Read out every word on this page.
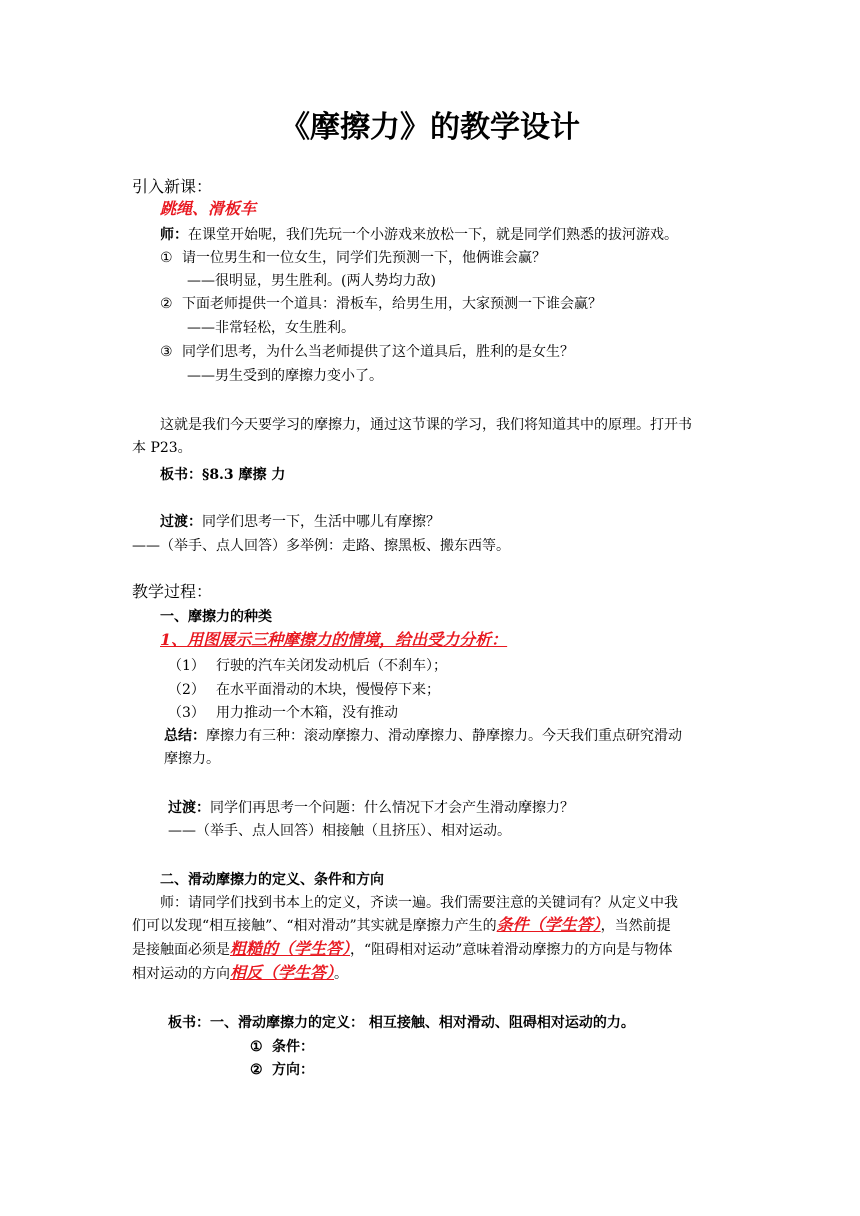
《摩擦力》的教学设计
引入新课：
跳绳、滑板车
师：在课堂开始呢，我们先玩一个小游戏来放松一下，就是同学们熟悉的拔河游戏。
① 请一位男生和一位女生，同学们先预测一下，他俩谁会赢？
——很明显，男生胜利。(两人势均力敌)
② 下面老师提供一个道具：滑板车，给男生用，大家预测一下谁会赢？
——非常轻松，女生胜利。
③ 同学们思考，为什么当老师提供了这个道具后，胜利的是女生？
——男生受到的摩擦力变小了。
这就是我们今天要学习的摩擦力，通过这节课的学习，我们将知道其中的原理。打开书
本 P23。
板书：§8.3 摩擦 力
过渡：同学们思考一下，生活中哪儿有摩擦？
——（举手、点人回答）多举例：走路、擦黑板、搬东西等。
教学过程：
一、摩擦力的种类
1、用图展示三种摩擦力的情境，给出受力分析：
（1） 行驶的汽车关闭发动机后（不刹车）；
（2） 在水平面滑动的木块，慢慢停下来；
（3） 用力推动一个木箱，没有推动
总结：摩擦力有三种：滚动摩擦力、滑动摩擦力、静摩擦力。今天我们重点研究滑动
摩擦力。
过渡：同学们再思考一个问题：什么情况下才会产生滑动摩擦力？
——（举手、点人回答）相接触（且挤压）、相对运动。
二、滑动摩擦力的定义、条件和方向
师：请同学们找到书本上的定义，齐读一遍。我们需要注意的关键词有？从定义中我
们可以发现“相互接触”、“相对滑动”其实就是摩擦力产生的条件（学生答），当然前提
是接触面必须是粗糙的（学生答），“阻碍相对运动”意味着滑动摩擦力的方向是与物体
相对运动的方向相反（学生答）。
板书：一、滑动摩擦力的定义： 相互接触、相对滑动、阻碍相对运动的力。
① 条件：
② 方向：
